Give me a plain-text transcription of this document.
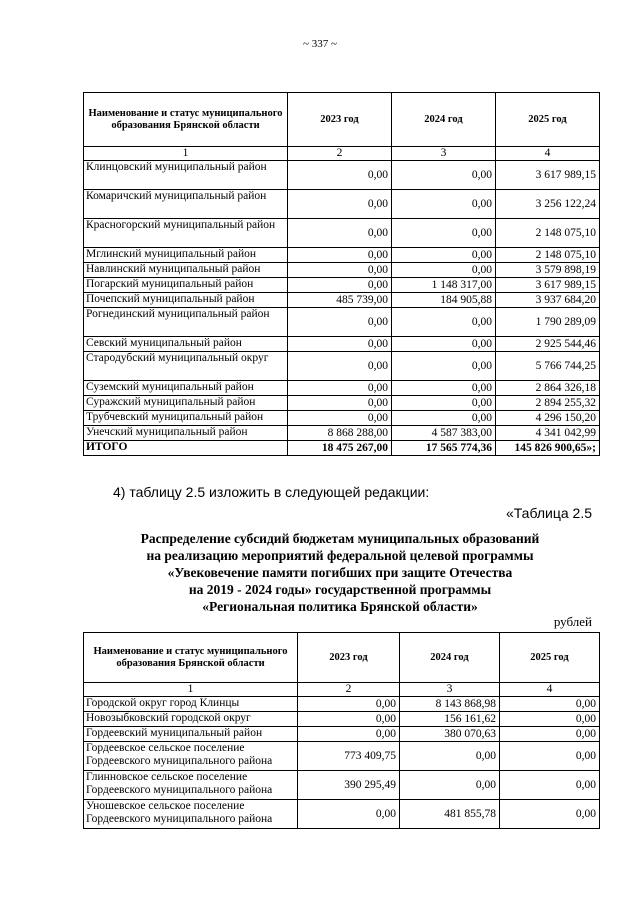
~ 337 ~
Наименование и статус муниципального образования Брянской области	2023 год	2024 год	2025 год
1	2	3	4
Клинцовский муниципальный район	0,00	0,00	3 617 989,15
Комаричский муниципальный район	0,00	0,00	3 256 122,24
Красногорский муниципальный район	0,00	0,00	2 148 075,10
Мглинский муниципальный район	0,00	0,00	2 148 075,10
Навлинский муниципальный район	0,00	0,00	3 579 898,19
Погарский муниципальный район	0,00	1 148 317,00	3 617 989,15
Почепский муниципальный район	485 739,00	184 905,88	3 937 684,20
Рогнединский муниципальный район	0,00	0,00	1 790 289,09
Севский муниципальный район	0,00	0,00	2 925 544,46
Стародубский муниципальный округ	0,00	0,00	5 766 744,25
Суземский муниципальный район	0,00	0,00	2 864 326,18
Суражский муниципальный район	0,00	0,00	2 894 255,32
Трубчевский муниципальный район	0,00	0,00	4 296 150,20
Унечский муниципальный район	8 868 288,00	4 587 383,00	4 341 042,99
ИТОГО	18 475 267,00	17 565 774,36	145 826 900,65»;
4) таблицу 2.5 изложить в следующей редакции:
«Таблица 2.5
Распределение субсидий бюджетам муниципальных образований
на реализацию мероприятий федеральной целевой программы
«Увековечение памяти погибших при защите Отечества
на 2019 - 2024 годы» государственной программы
«Региональная политика Брянской области»
рублей
Наименование и статус муниципального образования Брянской области	2023 год	2024 год	2025 год
1	2	3	4
Городской округ город Клинцы	0,00	8 143 868,98	0,00
Новозыбковский городской округ	0,00	156 161,62	0,00
Гордеевский муниципальный район	0,00	380 070,63	0,00
Гордеевское сельское поселение Гордеевского муниципального района	773 409,75	0,00	0,00
Глинновское сельское поселение Гордеевского муниципального района	390 295,49	0,00	0,00
Уношевское сельское поселение Гордеевского муниципального района	0,00	481 855,78	0,00
